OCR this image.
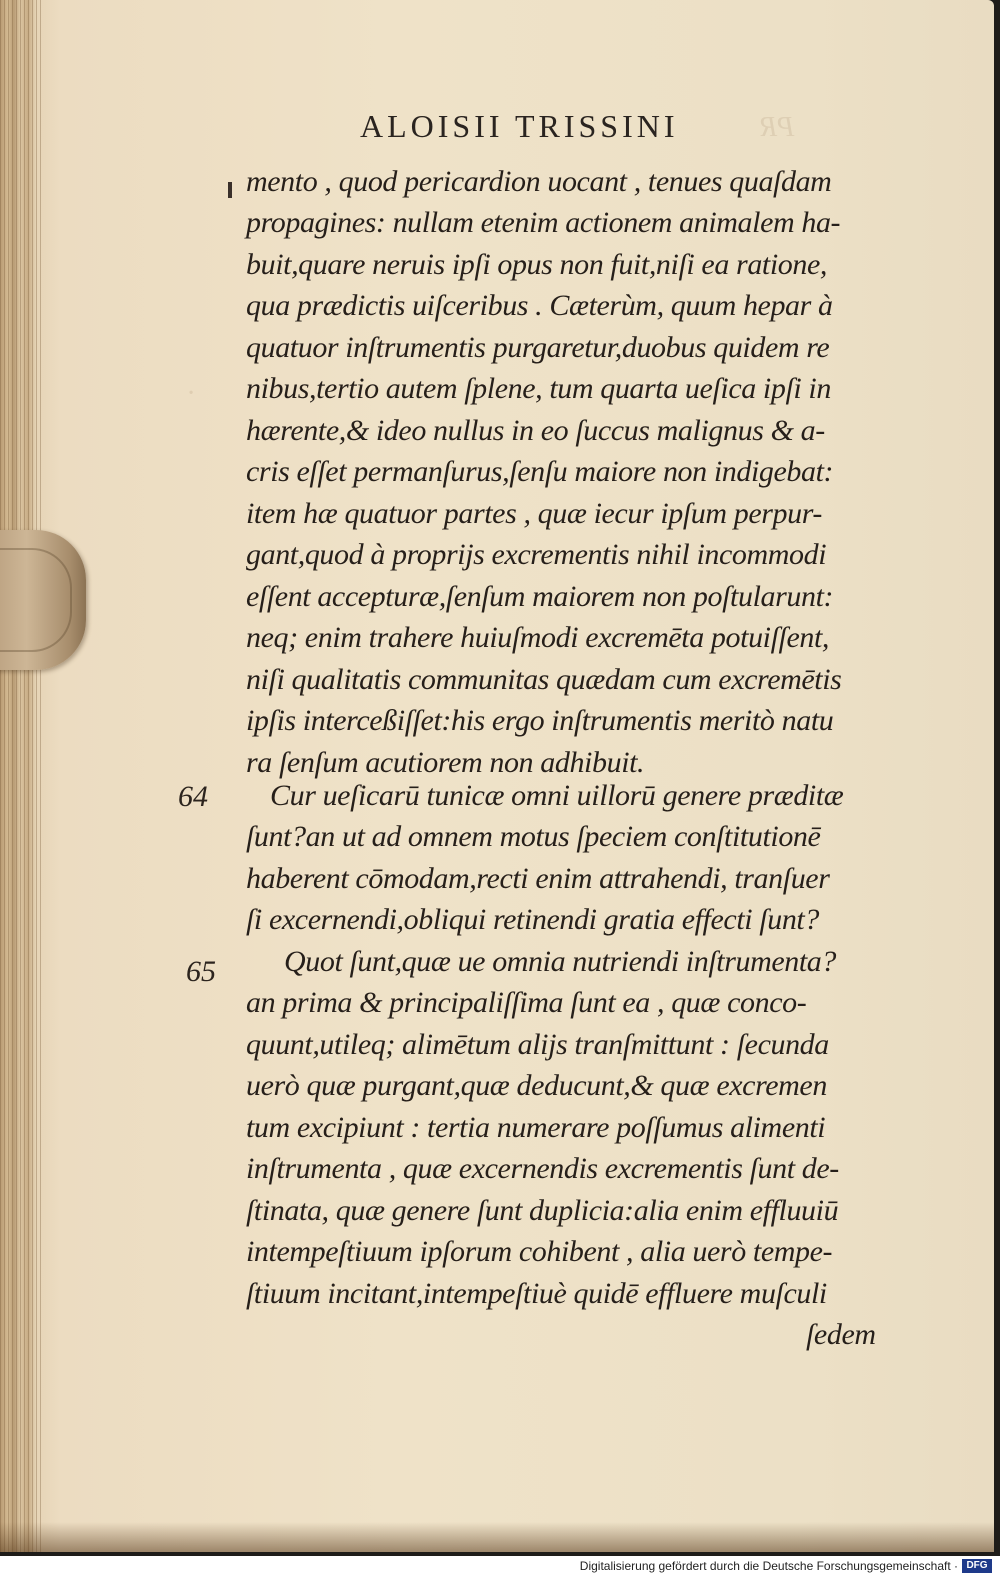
PR
·
ALOISII TRISSINI
mento , quod pericardion uocant , tenues quaſdam
propagines: nullam etenim actionem animalem ha-
buit,quare neruis ipſi opus non fuit,niſi ea ratione,
qua prædictis uiſceribus . Cæterùm, quum hepar à
quatuor inſtrumentis purgaretur,duobus quidem re
nibus,tertio autem ſplene, tum quarta ueſica ipſi in
hærente,& ideo nullus in eo ſuccus malignus & a-
cris eſſet permanſurus,ſenſu maiore non indigebat:
item hæ quatuor partes , quæ iecur ipſum perpur-
gant,quod à proprijs excrementis nihil incommodi
eſſent accepturæ,ſenſum maiorem non poſtularunt:
neq; enim trahere huiuſmodi excremēta potuiſſent,
niſi qualitatis communitas quædam cum excremētis
ipſis interceßiſſet:his ergo inſtrumentis meritò natu
ra ſenſum acutiorem non adhibuit.
64 Cur ueſicarū tunicæ omni uillorū genere præditæ
ſunt?an ut ad omnem motus ſpeciem conſtitutionē
haberent cōmodam,recti enim attrahendi, tranſuer
ſi excernendi,obliqui retinendi gratia effecti ſunt?
65 Quot ſunt,quæ ue omnia nutriendi inſtrumenta?
an prima & principaliſſima ſunt ea , quæ conco-
quunt,utileq; alimētum alijs tranſmittunt : ſecunda
uerò quæ purgant,quæ deducunt,& quæ excremen
tum excipiunt : tertia numerare poſſumus alimenti
inſtrumenta , quæ excernendis excrementis ſunt de-
ſtinata, quæ genere ſunt duplicia:alia enim effluuiū
intempeſtiuum ipſorum cohibent , alia uerò tempe-
ſtiuum incitant,intempeſtiuè quidē effluere muſculi
ſedem
Digitalisierung gefördert durch die Deutsche Forschungsgemeinschaft · DFG
